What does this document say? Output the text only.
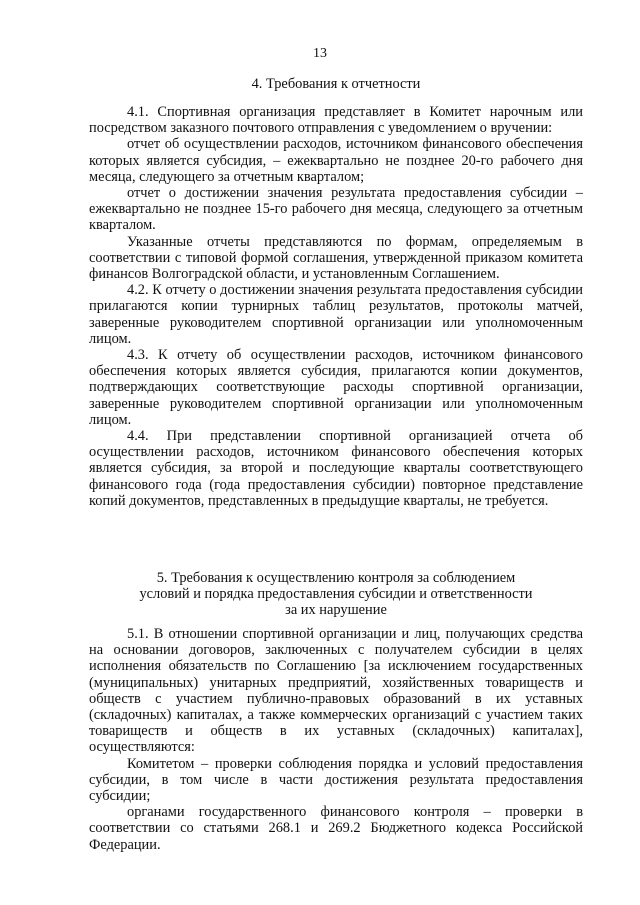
13

4. Требования к отчетности

4.1. Спортивная организация представляет в Комитет нарочным или посредством заказного почтового отправления с уведомлением о вручении:

отчет об осуществлении расходов, источником финансового обеспечения которых является субсидия, – ежеквартально не позднее 20-го рабочего дня месяца, следующего за отчетным кварталом;

отчет о достижении значения результата предоставления субсидии – ежеквартально не позднее 15-го рабочего дня месяца, следующего за отчетным кварталом.

Указанные отчеты представляются по формам, определяемым в соответствии с типовой формой соглашения, утвержденной приказом комитета финансов Волгоградской области, и установленным Соглашением.

4.2. К отчету о достижении значения результата предоставления субсидии прилагаются копии турнирных таблиц результатов, протоколы матчей, заверенные руководителем спортивной организации или уполномоченным лицом.

4.3. К отчету об осуществлении расходов, источником финансового обеспечения которых является субсидия, прилагаются копии документов, подтверждающих соответствующие расходы спортивной организации, заверенные руководителем спортивной организации или уполномоченным лицом.

4.4. При представлении спортивной организацией отчета об осуществлении расходов, источником финансового обеспечения которых является субсидия, за второй и последующие кварталы соответствующего финансового года (года предоставления субсидии) повторное представление копий документов, представленных в предыдущие кварталы, не требуется.

5. Требования к осуществлению контроля за соблюдением
условий и порядка предоставления субсидии и ответственности
за их нарушение

5.1. В отношении спортивной организации и лиц, получающих средства на основании договоров, заключенных с получателем субсидии в целях исполнения обязательств по Соглашению [за исключением государственных (муниципальных) унитарных предприятий, хозяйственных товариществ и обществ с участием публично-правовых образований в их уставных (складочных) капиталах, а также коммерческих организаций с участием таких товариществ и обществ в их уставных (складочных) капиталах], осуществляются:

Комитетом – проверки соблюдения порядка и условий предоставления субсидии, в том числе в части достижения результата предоставления субсидии;

органами государственного финансового контроля – проверки в соответствии со статьями 268.1 и 269.2 Бюджетного кодекса Российской Федерации.
